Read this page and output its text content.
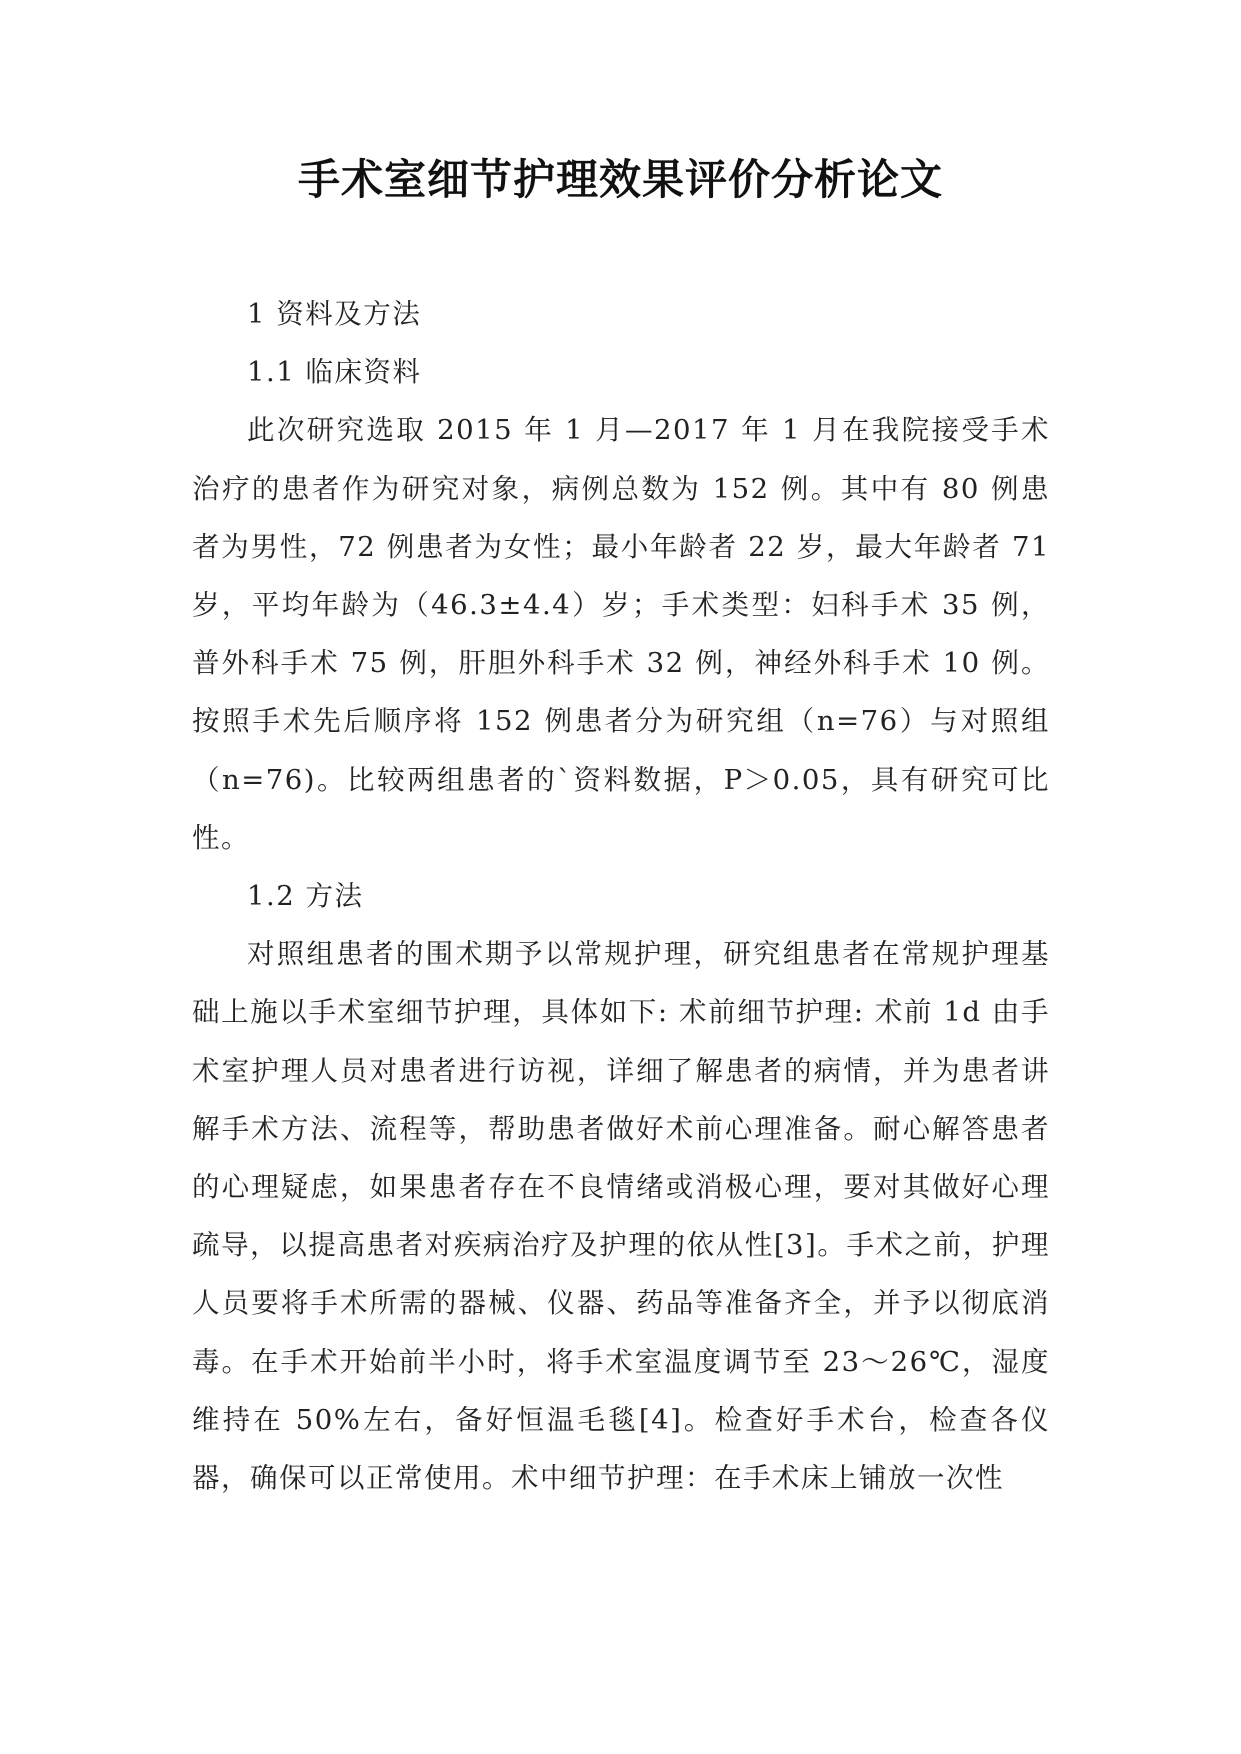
手术室细节护理效果评价分析论文

1 资料及方法

1.1 临床资料

此次研究选取 2015 年 1 月—2017 年 1 月在我院接受手术治疗的患者作为研究对象，病例总数为 152 例。其中有 80 例患者为男性，72 例患者为女性；最小年龄者 22 岁，最大年龄者 71 岁，平均年龄为（46.3±4.4）岁；手术类型：妇科手术 35 例，普外科手术 75 例，肝胆外科手术 32 例，神经外科手术 10 例。按照手术先后顺序将 152 例患者分为研究组（n=76）与对照组（n=76)。比较两组患者的`资料数据，P＞0.05，具有研究可比性。

1.2 方法

对照组患者的围术期予以常规护理，研究组患者在常规护理基础上施以手术室细节护理，具体如下: 术前细节护理: 术前 1d 由手术室护理人员对患者进行访视，详细了解患者的病情，并为患者讲解手术方法、流程等，帮助患者做好术前心理准备。耐心解答患者的心理疑虑，如果患者存在不良情绪或消极心理，要对其做好心理疏导，以提高患者对疾病治疗及护理的依从性[3]。手术之前，护理人员要将手术所需的器械、仪器、药品等准备齐全，并予以彻底消毒。在手术开始前半小时，将手术室温度调节至 23～26℃，湿度维持在 50%左右，备好恒温毛毯[4]。检查好手术台，检查各仪器，确保可以正常使用。术中细节护理：在手术床上铺放一次性
